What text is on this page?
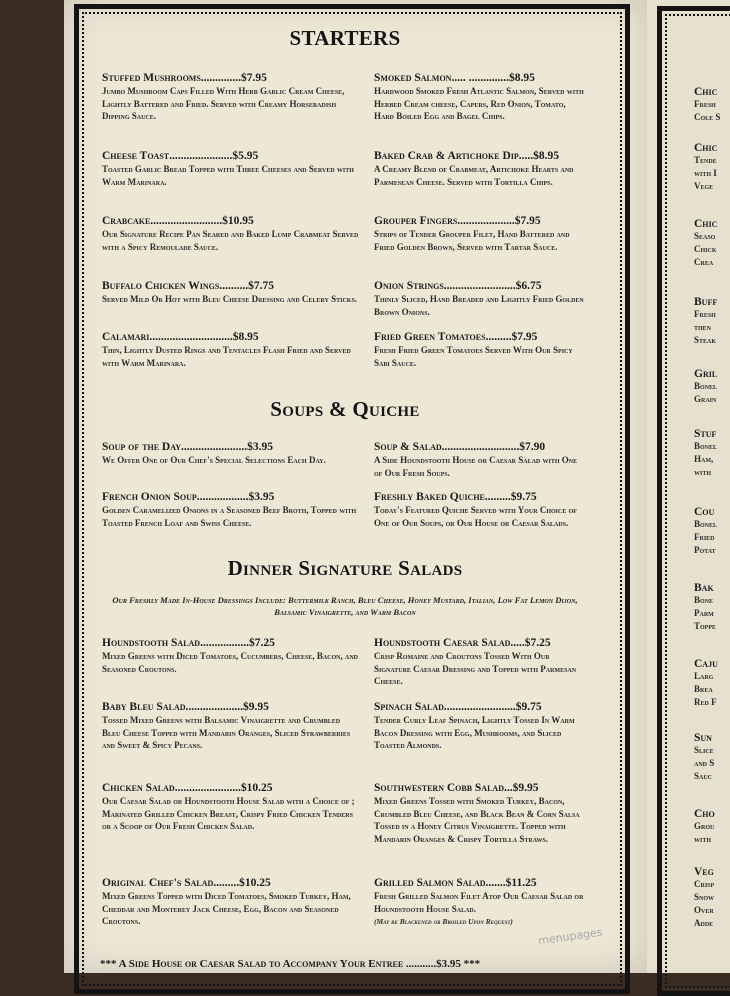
STARTERS
Soups & Quiche
Dinner Signature Salads
Stuffed Mushrooms..............$7.95
Jumbo Mushroom Caps Filled With Herb Garlic Cream Cheese, Lightly Battered and Fried. Served with Creamy Horseradish Dipping Sauce.
Cheese Toast......................$5.95
Toasted Garlic Bread Topped with Three Cheeses and Served with Warm Marinara.
Crabcake.........................$10.95
Our Signature Recipe Pan Seared and Baked Lump Crabmeat Served with a Spicy Remoulade Sauce.
Buffalo Chicken Wings..........$7.75
Served Mild Or Hot with Bleu Cheese Dressing and Celery Sticks.
Calamari.............................$8.95
Thin, Lightly Dusted Rings and Tentacles Flash Fried and Served with Warm Marinara.
Smoked Salmon..... ..............$8.95
Hardwood Smoked Fresh Atlantic Salmon, Served with Herbed Cream cheese, Capers, Red Onion, Tomato, Hard Boiled Egg and Bagel Chips.
Baked Crab & Artichoke Dip.....$8.95
A Creamy Blend of Crabmeat, Artichoke Hearts and Parmesean Cheese. Served with Tortilla Chips.
Grouper Fingers....................$7.95
Strips of Tender Grouper Filet, Hand Battered and Fried Golden Brown, Served with Tartar Sauce.
Onion Strings.........................$6.75
Thinly Sliced, Hand Breaded and Lightly Fried Golden Brown Onions.
Fried Green Tomatoes.........$7.95
Fresh Fried Green Tomatoes Served With Our Spicy Sabi Sauce.
Soup of the Day.......................$3.95
We Offer One of Our Chef's Special Selections Each Day.
French Onion Soup..................$3.95
Golden Caramelized Onions in a Seasoned Beef Broth, Topped with Toasted French Loaf and Swiss Cheese.
Soup & Salad...........................$7.90
A Side Houndstooth House or Caesar Salad with One of Our Fresh Soups.
Freshly Baked Quiche.........$9.75
Today's Featured Quiche Served with Your Choice of One of Our Soups, or Our House or Caesar Salads.
Our Freshly Made In-House Dressings Include: Buttermilk Ranch, Bleu Cheese, Honey Mustard, Italian, Low Fat Lemon Dijon, Balsamic Vinaigrette, and Warm Bacon
Houndstooth Salad.................$7.25
Mixed Greens with Diced Tomatoes, Cucumbers, Cheese, Bacon, and Seasoned Croutons.
Baby Bleu Salad....................$9.95
Tossed Mixed Greens with Balsamic Vinaigrette and Crumbled Bleu Cheese Topped with Mandarin Oranges, Sliced Strawberries and Sweet & Spicy Pecans.
Chicken Salad.......................$10.25
Our Caesar Salad or Houndstooth House Salad with a Choice of ; Marinated Grilled Chicken Breast, Crispy Fried Chicken Tenders or a Scoop of Our Fresh Chicken Salad.
Original Chef's Salad.........$10.25
Mixed Greens Topped with Diced Tomatoes, Smoked Turkey, Ham, Cheddar and Monterey Jack Cheese, Egg, Bacon and Seasoned Croutons.
Houndstooth Caesar Salad.....$7.25
Crisp Romaine and Croutons Tossed With Our Signature Caesar Dressing and Topped with Parmesan Cheese.
Spinach Salad.........................$9.75
Tender Curly Leaf Spinach, Lightly Tossed In Warm Bacon Dressing with Egg, Mushrooms, and Sliced Toasted Almonds.
Southwestern Cobb Salad...$9.95
Mixed Greens Tossed with Smoked Turkey, Bacon, Crumbled Bleu Cheese, and Black Bean & Corn Salsa Tossed in a Honey Citrus Vinaigrette. Topped with Mandarin Oranges & Crispy Tortilla Straws.
Grilled Salmon Salad.......$11.25
Fresh Grilled Salmon Filet Atop Our Caesar Salad or Houndstooth House Salad.
(May be Blackened or Broiled Upon Request)
*** A Side House or Caesar Salad to Accompany Your Entree ...........$3.95 ***
menupages
Chic
Fresh
Cole S
Chic
Tende
with I
Vege
Chic
Seaso
Chick
Crea
Buff
Fresh
then
Steak
Gril
Bonel
Grain
Stuf
Bonel
Ham,
with
Cou
Bonel
Fried
Potat
Bak
Bone
Parm
Toppe
Caju
Larg
Brea
Red F
Sun
Slice
and S
Sauc
Cho
Grou
with
Veg
Crisp
Snow
Over
Adde
